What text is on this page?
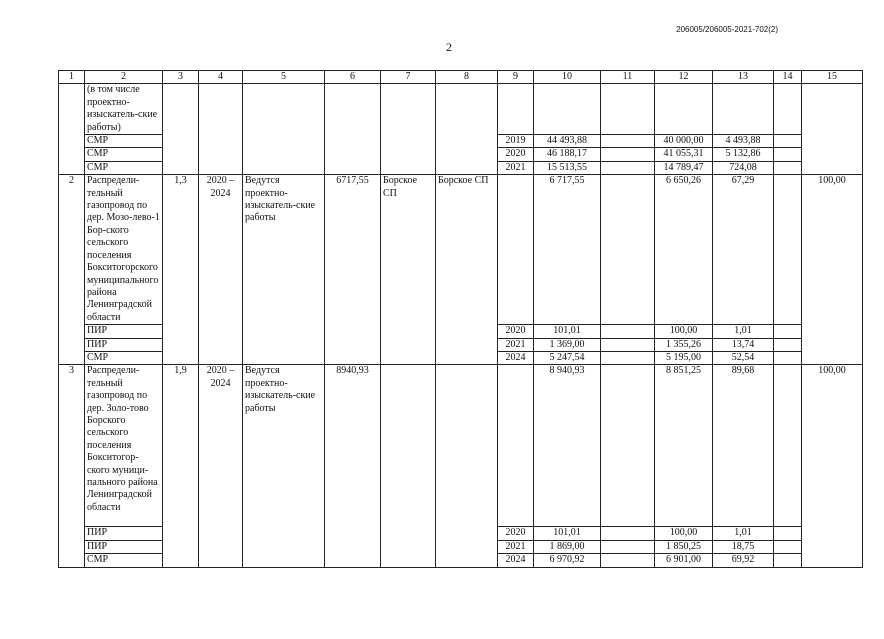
206005/206005-2021-702(2)
2
1	2	3	4	5	6	7	8	9	10	11	12	13	14	15
	(в том числе проектно-изыскатель-ские работы)													
	СМР							2019	44 493,88		40 000,00	4 493,88		
	СМР							2020	46 188,17		41 055,31	5 132,86		
	СМР							2021	15 513,55		14 789,47	724,08		
2	Распредели-тельный газопровод по дер. Мозо-лево-1 Бор-ского сельского поселения Бокситогорского муниципального района Ленинградской области	1,3	2020 – 2024	Ведутся проектно-изыскатель-ские работы	6717,55	Борское СП	Борское СП		6 717,55		6 650,26	67,29		100,00
	ПИР							2020	101,01		100,00	1,01		
	ПИР							2021	1 369,00		1 355,26	13,74		
	СМР							2024	5 247,54		5 195,00	52,54		
3	Распредели-тельный газопровод по дер. Золо-тово Борского сельского поселения Бокситогор-ского муници-пального района Ленинградской области	1,9	2020 – 2024	Ведутся проектно-изыскатель-ские работы	8940,93				8 940,93		8 851,25	89,68		100,00
	ПИР							2020	101,01		100,00	1,01		
	ПИР							2021	1 869,00		1 850,25	18,75		
	СМР							2024	6 970,92		6 901,00	69,92		
